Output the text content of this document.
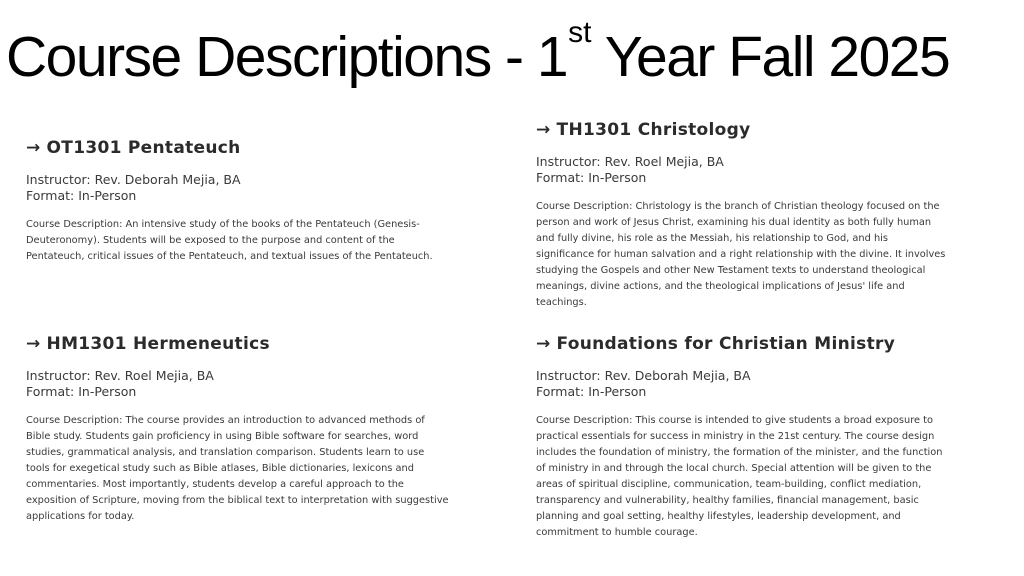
Course Descriptions - 1st Year Fall 2025
→ OT1301 Pentateuch
Instructor: Rev. Deborah Mejia, BA
Format: In-Person

Course Description: An intensive study of the books of the Pentateuch (Genesis-Deuteronomy). Students will be exposed to the purpose and content of the Pentateuch, critical issues of the Pentateuch, and textual issues of the Pentateuch.

→ HM1301 Hermeneutics
Instructor: Rev. Roel Mejia, BA
Format: In-Person

Course Description: The course provides an introduction to advanced methods of Bible study. Students gain proficiency in using Bible software for searches, word studies, grammatical analysis, and translation comparison. Students learn to use tools for exegetical study such as Bible atlases, Bible dictionaries, lexicons and commentaries. Most importantly, students develop a careful approach to the exposition of Scripture, moving from the biblical text to interpretation with suggestive applications for today.

→ TH1301 Christology
Instructor: Rev. Roel Mejia, BA
Format: In-Person

Course Description: Christology is the branch of Christian theology focused on the person and work of Jesus Christ, examining his dual identity as both fully human and fully divine, his role as the Messiah, his relationship to God, and his significance for human salvation and a right relationship with the divine. It involves studying the Gospels and other New Testament texts to understand theological meanings, divine actions, and the theological implications of Jesus' life and teachings.

→ Foundations for Christian Ministry
Instructor: Rev. Deborah Mejia, BA
Format: In-Person

Course Description: This course is intended to give students a broad exposure to practical essentials for success in ministry in the 21st century. The course design includes the foundation of ministry, the formation of the minister, and the function of ministry in and through the local church. Special attention will be given to the areas of spiritual discipline, communication, team-building, conflict mediation, transparency and vulnerability, healthy families, financial management, basic planning and goal setting, healthy lifestyles, leadership development, and commitment to humble courage.
